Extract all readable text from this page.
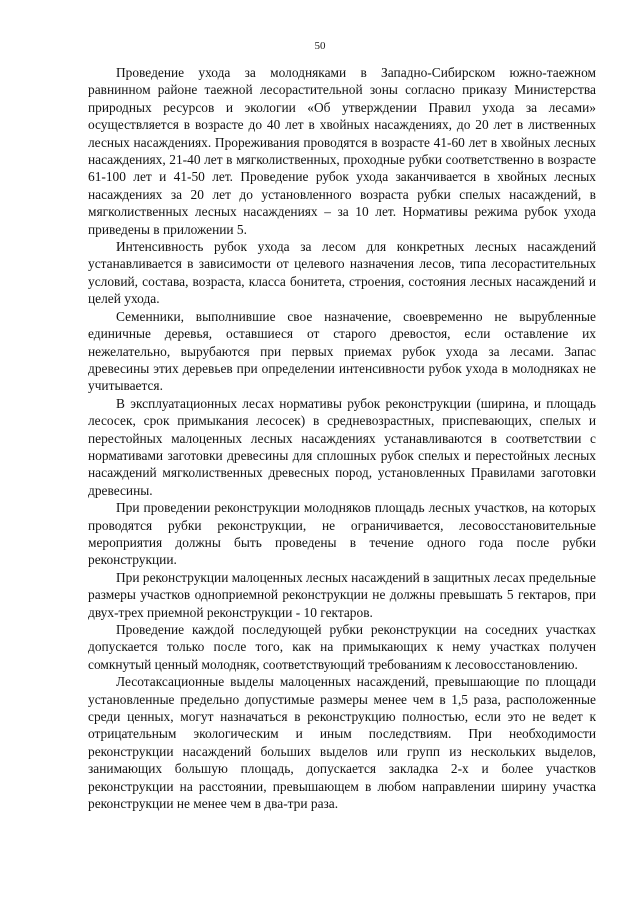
50

Проведение ухода за молодняками в Западно-Сибирском южно-таежном равнинном районе таежной лесорастительной зоны согласно приказу Министерства природных ресурсов и экологии «Об утверждении Правил ухода за лесами» осуществляется в возрасте до 40 лет в хвойных насаждениях, до 20 лет в лиственных лесных насаждениях. Прореживания проводятся в возрасте 41-60 лет в хвойных лесных насаждениях, 21-40 лет в мягколиственных, проходные рубки соответственно в возрасте 61-100 лет и 41-50 лет. Проведение рубок ухода заканчивается в хвойных лесных насаждениях за 20 лет до установленного возраста рубки спелых насаждений, в мягколиственных лесных насаждениях – за 10 лет. Нормативы режима рубок ухода приведены в приложении 5.

Интенсивность рубок ухода за лесом для конкретных лесных насаждений устанавливается в зависимости от целевого назначения лесов, типа лесорастительных условий, состава, возраста, класса бонитета, строения, состояния лесных насаждений и целей ухода.

Семенники, выполнившие свое назначение, своевременно не вырубленные единичные деревья, оставшиеся от старого древостоя, если оставление их нежелательно, вырубаются при первых приемах рубок ухода за лесами. Запас древесины этих деревьев при определении интенсивности рубок ухода в молодняках не учитывается.

В эксплуатационных лесах нормативы рубок реконструкции (ширина, и площадь лесосек, срок примыкания лесосек) в средневозрастных, приспевающих, спелых и перестойных малоценных лесных насаждениях устанавливаются в соответствии с нормативами заготовки древесины для сплошных рубок спелых и перестойных лесных насаждений мягколиственных древесных пород, установленных Правилами заготовки древесины.

При проведении реконструкции молодняков площадь лесных участков, на которых проводятся рубки реконструкции, не ограничивается, лесовосстановительные мероприятия должны быть проведены в течение одного года после рубки реконструкции.

При реконструкции малоценных лесных насаждений в защитных лесах предельные размеры участков одноприемной реконструкции не должны превышать 5 гектаров, при двух-трех приемной реконструкции - 10 гектаров.

Проведение каждой последующей рубки реконструкции на соседних участках допускается только после того, как на примыкающих к нему участках получен сомкнутый ценный молодняк, соответствующий требованиям к лесовосстановлению.

Лесотаксационные выделы малоценных насаждений, превышающие по площади установленные предельно допустимые размеры менее чем в 1,5 раза, расположенные среди ценных, могут назначаться в реконструкцию полностью, если это не ведет к отрицательным экологическим и иным последствиям. При необходимости реконструкции насаждений больших выделов или групп из нескольких выделов, занимающих большую площадь, допускается закладка 2-х и более участков реконструкции на расстоянии, превышающем в любом направлении ширину участка реконструкции не менее чем в два-три раза.
